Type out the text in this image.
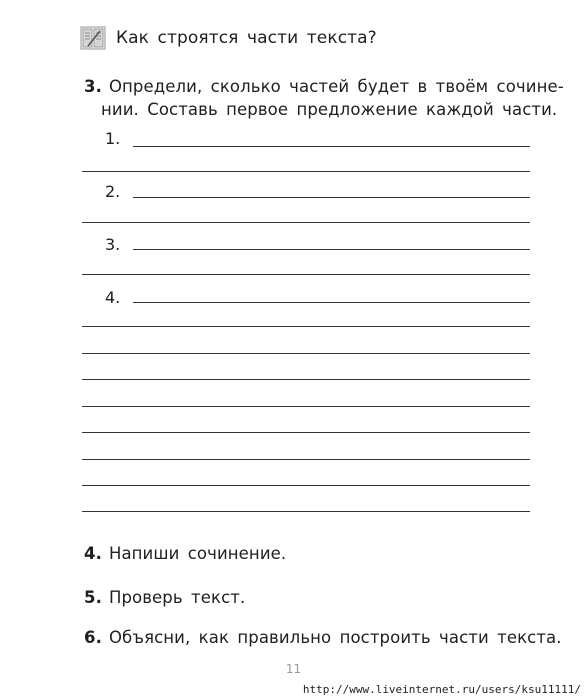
Как строятся части текста?
3. Определи, сколько частей будет в твоём сочине-
нии. Составь первое предложение каждой части.
1.
2.
3.
4.
4. Напиши сочинение.
5. Проверь текст.
6. Объясни, как правильно построить части текста.
11
http://www.liveinternet.ru/users/ksu11111/
